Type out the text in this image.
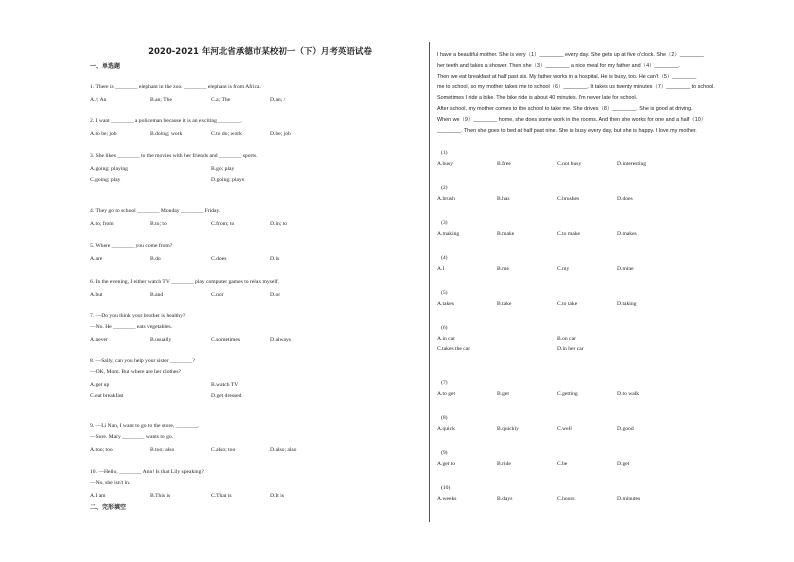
2020-2021 年河北省承德市某校初一（下）月考英语试卷
一、单选题
1. There is ________ elephant in the zoo. ________ elephant is from Africa.
A./; An	B.an; The	C.a; The	D.an; /
2. I want ________ a policeman because it is an exciting ________.
A.to be; job	B.doing; work	C.to do; work	D.be; job
3. She likes ________ to the movies with her friends and ________ sports.
A.going; playing	B.go; play
C.going; play	D.going; plays
4. They go to school ________ Monday ________ Friday.
A.to; from	B.to; to	C.from; to	D.in; to
5. Where ________ you come from?
A.are	B.do	C.does	D.is
6. In the evening, I either watch TV ________ play computer games to relax myself.
A.but	B.and	C.nor	D.or
7. —Do you think your brother is healthy?
—No. He ________ eats vegetables.
A.never	B.usually	C.sometimes	D.always
8. —Sally, can you help your sister ________?
—OK, Mom. But where are her clothes?
A.get up	B.watch TV
C.eat breakfast	D.get dressed
9. —Li Nan, I want to go to the store, ________.
—Sure. Mary ________ wants to go.
A.too; too	B.too; also	C.also; too	D.also; also
10. —Hello, ________ Ann! Is that Lily speaking?
—No, she isn't in.
A.I am	B.This is	C.That is	D.It is
二、完形填空
I have a beautiful mother. She is very（1）________ every day. She gets up at five o'clock. She（2）________
her teeth and takes a shower. Then she（3）________ a nice meal for my father and（4）________.
Then we eat breakfast at half past six. My father works in a hospital. He is busy, too. He can't（5）________
me to school, so my mother takes me to school（6）________. It takes us twenty minutes（7）________ to school.
Sometimes I ride a bike. The bike ride is about 40 minutes. I'm never late for school.
After school, my mother comes to the school to take me. She drives（8）________. She is good at driving.
When we（9）________ home, she does some work in the rooms. And then she works for one and a half（10）
________. Then she goes to bed at half past nine. She is busy every day, but she is happy. I love my mother.
(1)
A.busy	B.free	C.not busy	D.interesting
(2)
A.brush	B.has	C.brushes	D.does
(3)
A.making	B.make	C.to make	D.makes
(4)
A.I	B.me	C.my	D.mine
(5)
A.takes	B.take	C.to take	D.taking
(6)
A.in car	B.on car
C.takes the car	D.in her car
(7)
A.to get	B.get	C.getting	D.to walk
(8)
A.quick	B.quickly	C.well	D.good
(9)
A.get to	B.ride	C.be	D.get
(10)
A.weeks	B.days	C.hours	D.minutes
